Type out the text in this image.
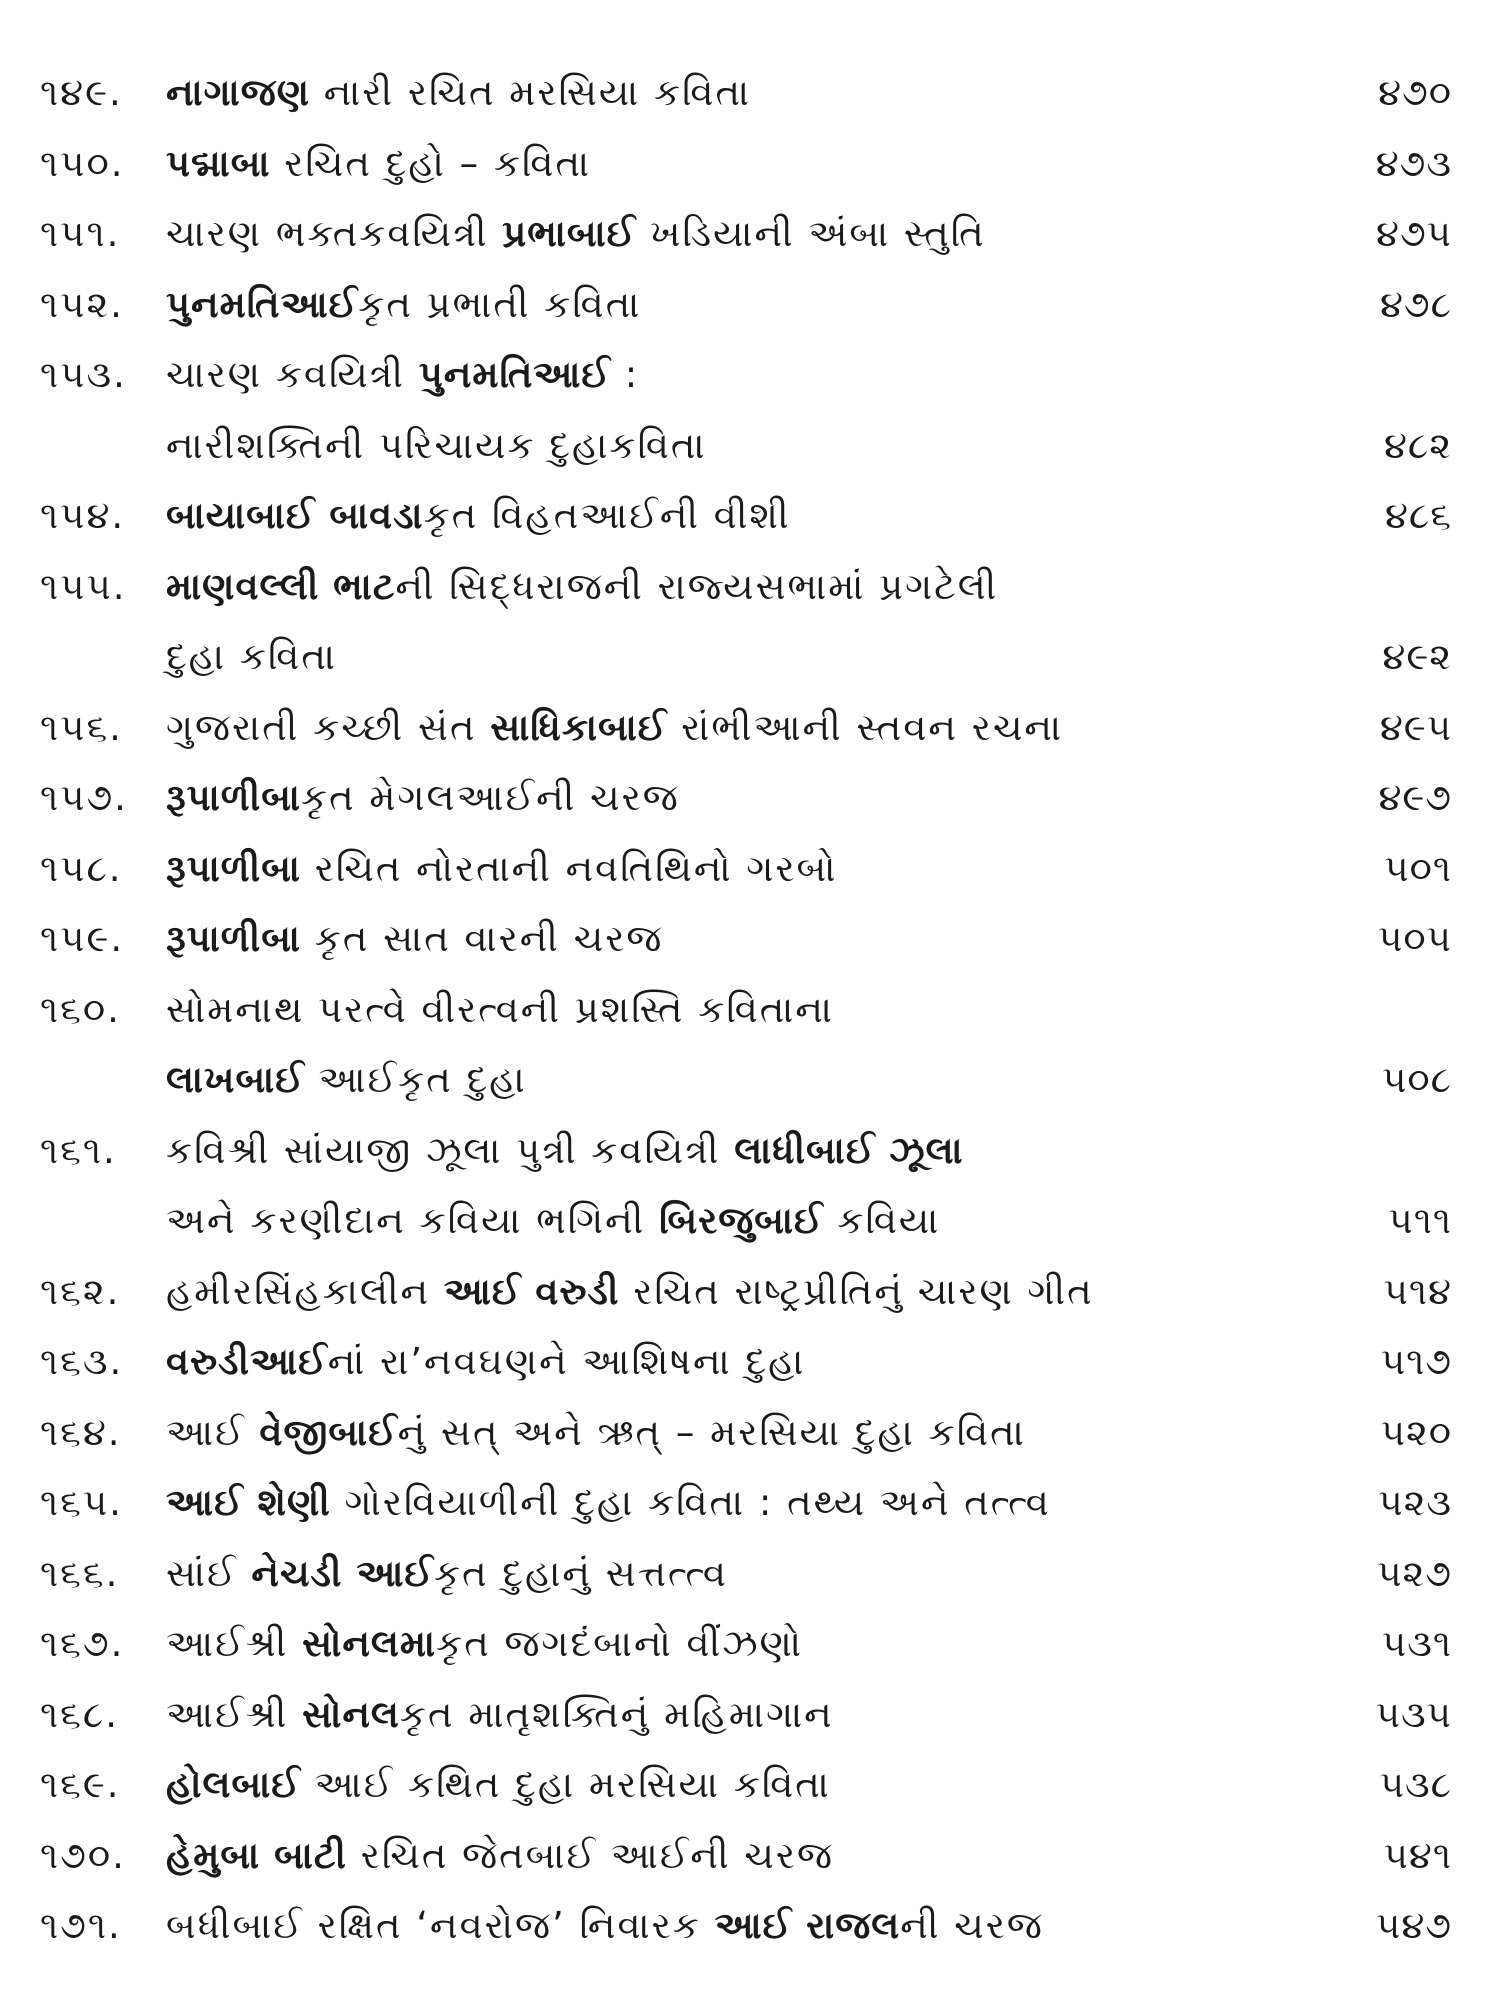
૧૪૯. નાગાજણ નારી રચિત મરસિયા કવિતા	૪૭૦
૧૫૦. પદ્માબા રચિત દુહો – કવિતા	૪૭૩
૧૫૧. ચારણ ભક્તકવયિત્રી પ્રભાબાઈ ખડિયાની અંબા સ્તુતિ	૪૭૫
૧૫૨. પુનમતિઆઈકૃત પ્રભાતી કવિતા	૪૭૮
૧૫૩. ચારણ કવયિત્રી પુનમતિઆઈ :
નારીશક્તિની પરિચાયક દુહાકવિતા	૪૮૨
૧૫૪. બાયાબાઈ બાવડાકૃત વિહતઆઈની વીશી	૪૮૬
૧૫૫. માણવલ્લી ભાટની સિદ્ધરાજની રાજ્યસભામાં પ્રગટેલી
દુહા કવિતા	૪૯૨
૧૫૬. ગુજરાતી કચ્છી સંત સાધિકાબાઈ રાંભીઆની સ્તવન રચના	૪૯૫
૧૫૭. રૂપાળીબાકૃત મેગલઆઈની ચરજ	૪૯૭
૧૫૮. રૂપાળીબા રચિત નોરતાની નવતિથિનો ગરબો	૫૦૧
૧૫૯. રૂપાળીબા કૃત સાત વારની ચરજ	૫૦૫
૧૬૦. સોમનાથ પરત્વે વીરત્વની પ્રશસ્તિ કવિતાના
લાખબાઈ આઈકૃત દુહા	૫૦૮
૧૬૧. કવિશ્રી સાંયાજી ઝૂલા પુત્રી કવયિત્રી લાધીબાઈ ઝૂલા
અને કરણીદાન કવિયા ભગિની બિરજુબાઈ કવિયા	૫૧૧
૧૬૨. હમીરસિંહકાલીન આઈ વરુડી રચિત રાષ્ટ્રપ્રીતિનું ચારણ ગીત	૫૧૪
૧૬૩. વરુડીઆઈનાં રા’નવઘણને આશિષના દુહા	૫૧૭
૧૬૪. આઈ વેજીબાઈનું સત્ અને ઋત્ – મરસિયા દુહા કવિતા	૫૨૦
૧૬૫. આઈ શેણી ગોરવિયાળીની દુહા કવિતા : તથ્ય અને તત્ત્વ	૫૨૩
૧૬૬. સાંઈ નેચડી આઈકૃત દુહાનું સત્તત્ત્વ	૫૨૭
૧૬૭. આઈશ્રી સોનલમાકૃત જગદંબાનો વીંઝણો	૫૩૧
૧૬૮. આઈશ્રી સોનલકૃત માતૃશક્તિનું મહિમાગાન	૫૩૫
૧૬૯. હોલબાઈ આઈ કથિત દુહા મરસિયા કવિતા	૫૩૮
૧૭૦. હેમુબા બાટી રચિત જેતબાઈ આઈની ચરજ	૫૪૧
૧૭૧. બધીબાઈ રક્ષિત ‘નવરોજ’ નિવારક આઈ રાજલની ચરજ	૫૪૭
